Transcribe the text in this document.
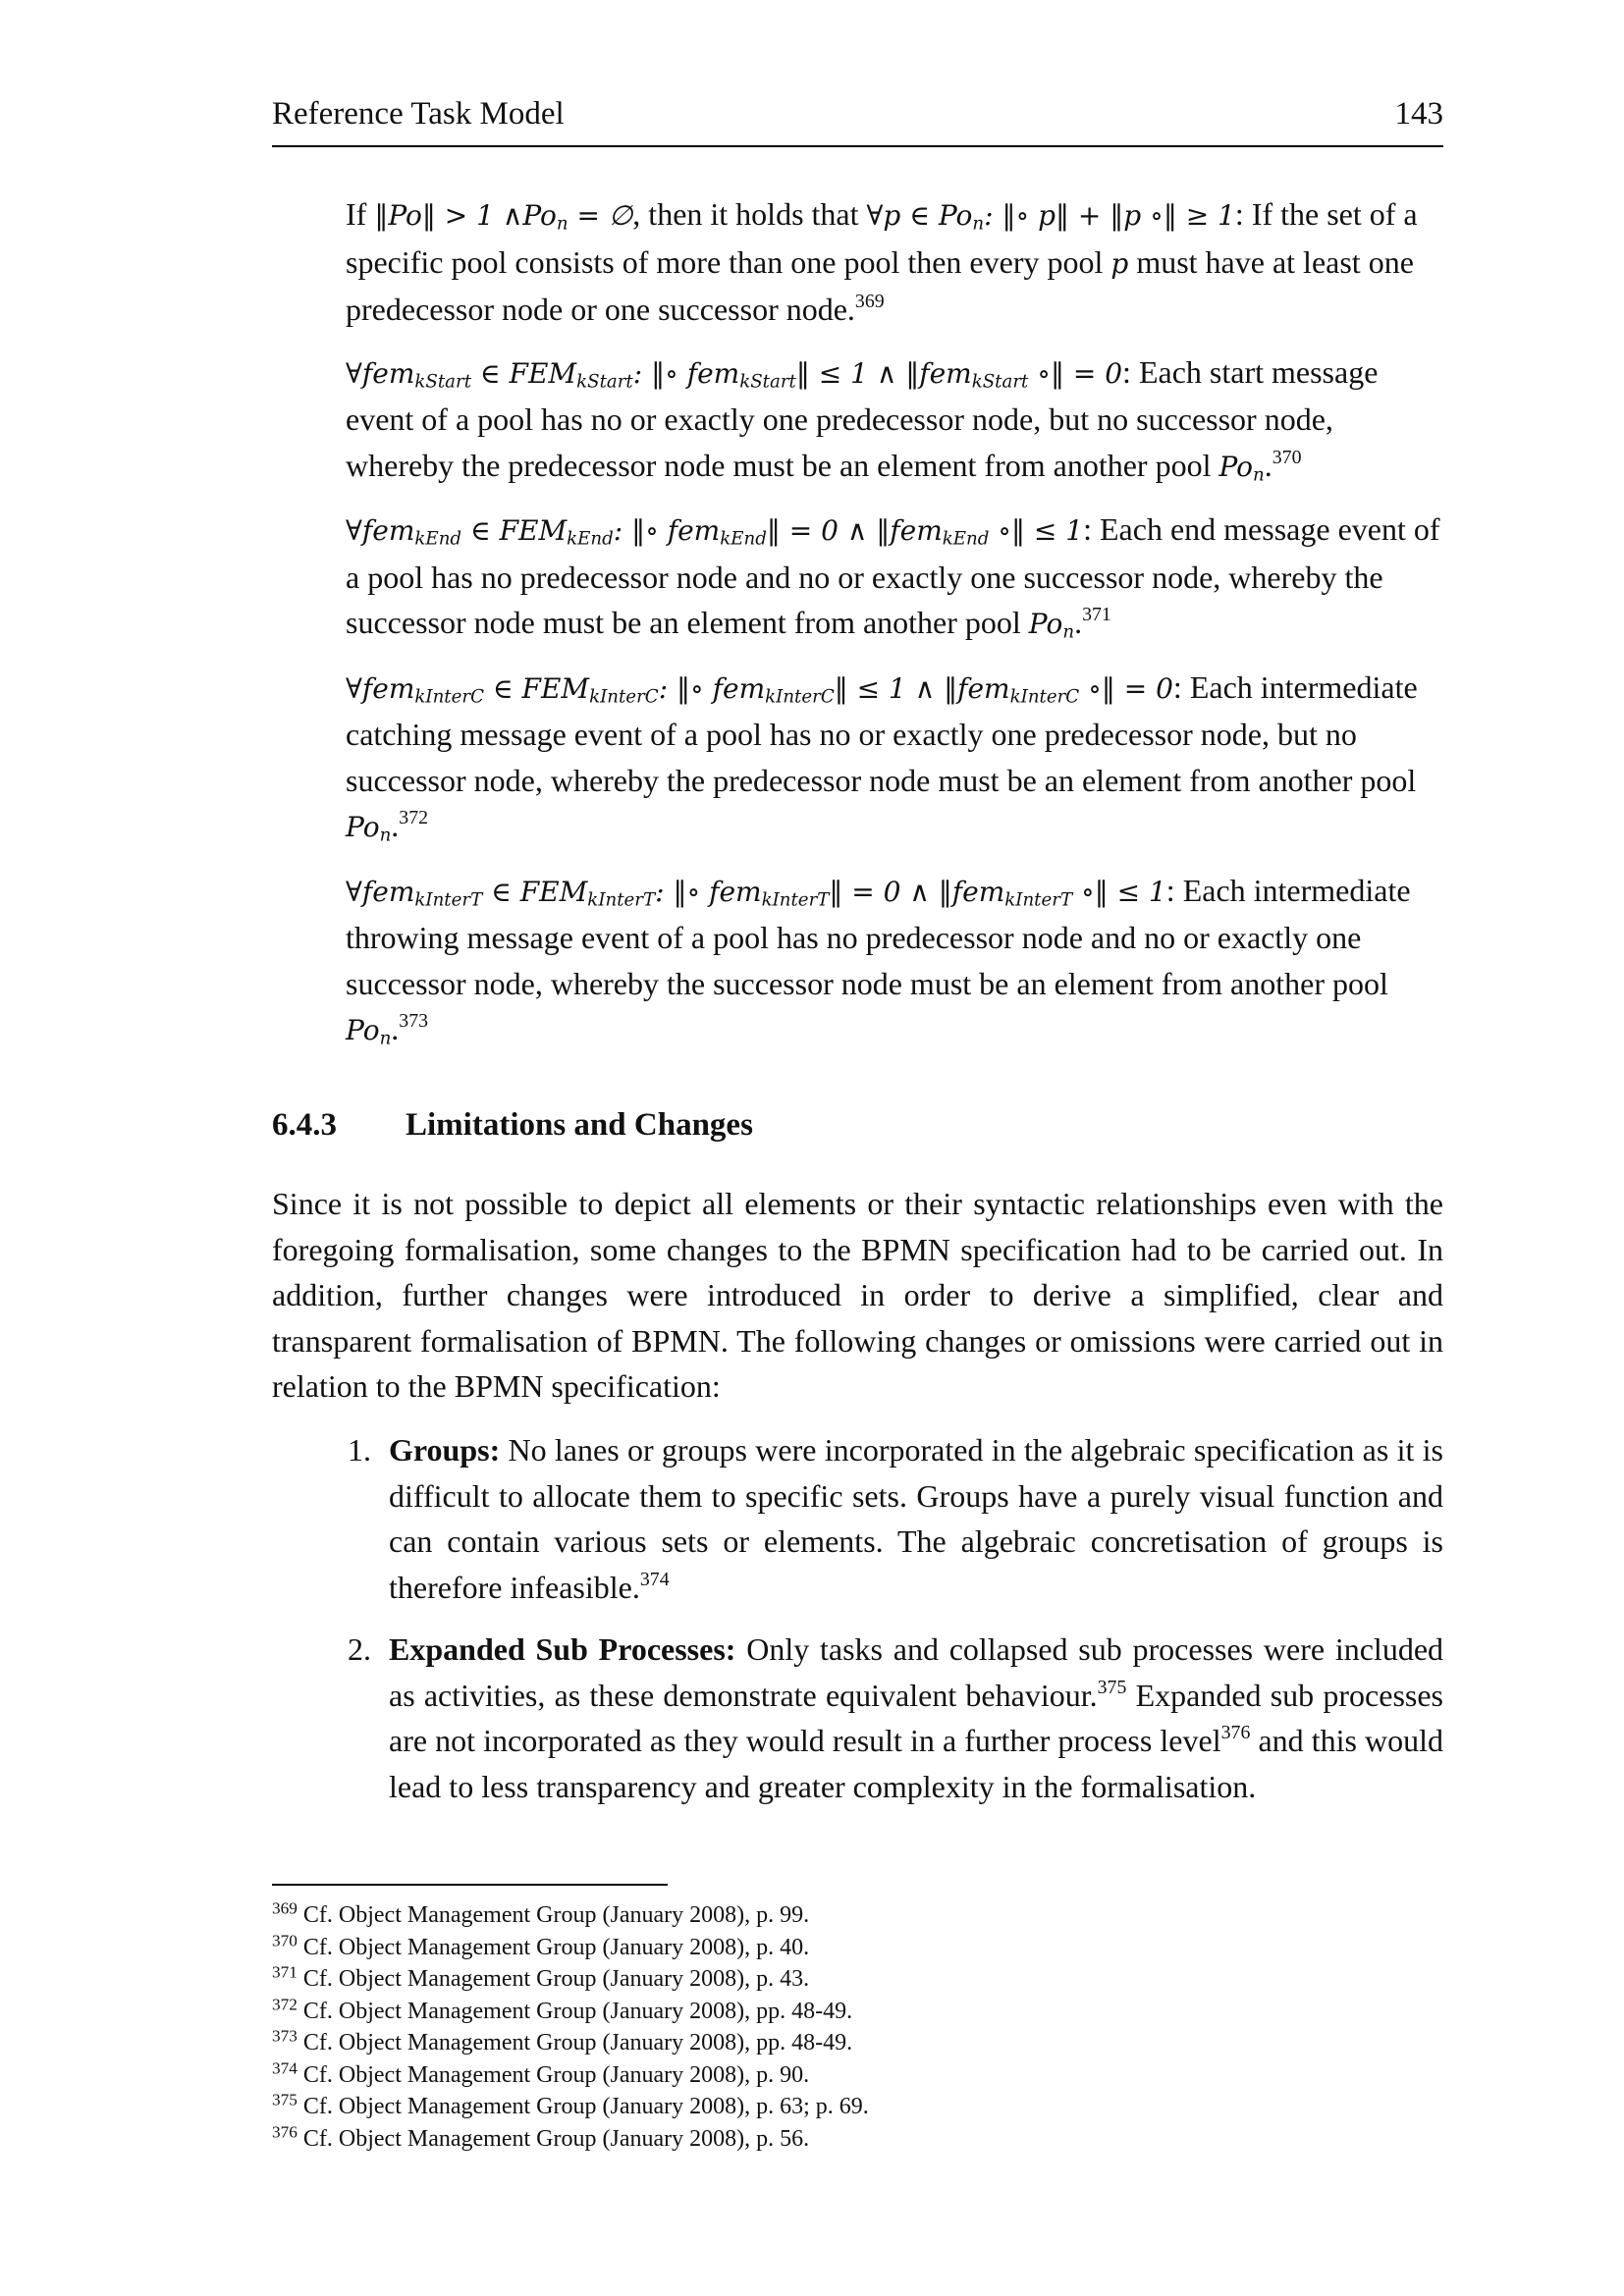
Reference Task Model	143
If ‖Po‖ > 1 $\wedge Po_n$ = ∅, then it holds that ∀p ∈ $Po_n$: ‖∘ p‖ + ‖p ∘‖ ≥ 1: If the set of a specific pool consists of more than one pool then every pool p must have at least one predecessor node or one successor node.$^{369}$
∀fem$_{kStart}$ ∈ $FEM_{kStart}$: ‖∘ fem$_{kStart}$‖ ≤ 1 ∧ ‖fem$_{kStart}$ ∘‖ = 0: Each start message event of a pool has no or exactly one predecessor node, but no successor node, whereby the predecessor node must be an element from another pool $Po_n.^{370}$
∀fem$_{kEnd}$ ∈ $FEM_{kEnd}$: ‖∘ fem$_{kEnd}$‖ = 0 ∧ ‖fem$_{kEnd}$ ∘‖ ≤ 1: Each end message event of a pool has no predecessor node and no or exactly one successor node, whereby the successor node must be an element from another pool $Po_n.^{371}$
∀fem$_{kInterC}$ ∈ $FEM_{kInterC}$: ‖∘ fem$_{kInterC}$‖ ≤ 1 ∧ ‖fem$_{kInterC}$ ∘‖ = 0: Each intermediate catching message event of a pool has no or exactly one predecessor node, but no successor node, whereby the predecessor node must be an element from another pool $Po_n.^{372}$
∀fem$_{kInterT}$ ∈ $FEM_{kInterT}$: ‖∘ fem$_{kInterT}$‖ = 0 ∧ ‖fem$_{kInterT}$ ∘‖ ≤ 1: Each intermediate throwing message event of a pool has no predecessor node and no or exactly one successor node, whereby the successor node must be an element from another pool $Po_n.^{373}$
6.4.3 Limitations and Changes

Since it is not possible to depict all elements or their syntactic relationships even with the foregoing formalisation, some changes to the BPMN specification had to be carried out. In addition, further changes were introduced in order to derive a simplified, clear and transparent formalisation of BPMN. The following changes or omissions were carried out in relation to the BPMN specification:

1. Groups: No lanes or groups were incorporated in the algebraic specification as it is difficult to allocate them to specific sets. Groups have a purely visual function and can contain various sets or elements. The algebraic concretisation of groups is therefore infeasible.$^{374}$
2. Expanded Sub Processes: Only tasks and collapsed sub processes were included as activities, as these demonstrate equivalent behaviour.$^{375}$ Expanded sub processes are not incorporated as they would result in a further process level$^{376}$ and this would lead to less transparency and greater complexity in the formalisation.
$^{369}$ Cf. Object Management Group (January 2008), p. 99.
$^{370}$ Cf. Object Management Group (January 2008), p. 40.
$^{371}$ Cf. Object Management Group (January 2008), p. 43.
$^{372}$ Cf. Object Management Group (January 2008), pp. 48-49.
$^{373}$ Cf. Object Management Group (January 2008), pp. 48-49.
$^{374}$ Cf. Object Management Group (January 2008), p. 90.
$^{375}$ Cf. Object Management Group (January 2008), p. 63; p. 69.
$^{376}$ Cf. Object Management Group (January 2008), p. 56.
